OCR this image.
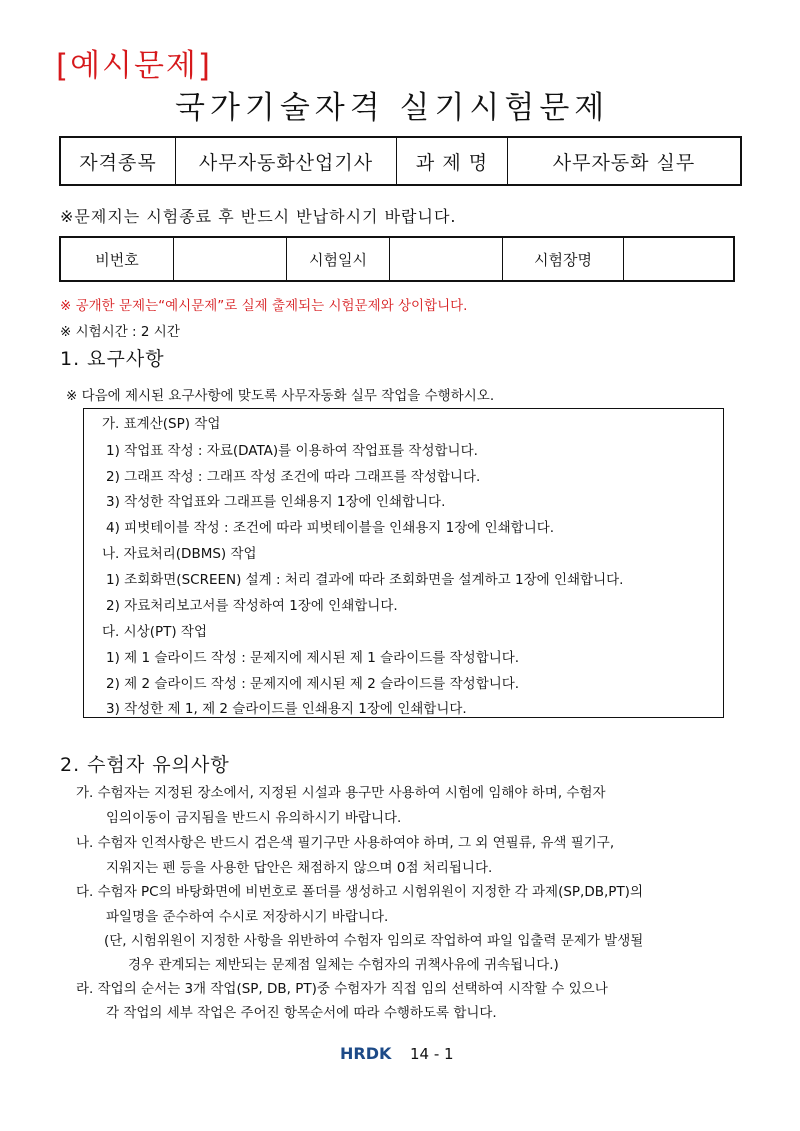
[예시문제]
국가기술자격 실기시험문제
자격종목	사무자동화산업기사	과 제 명	사무자동화 실무
※문제지는 시험종료 후 반드시 반납하시기 바랍니다.
비번호		시험일시		시험장명	
※ 공개한 문제는“예시문제”로 실제 출제되는 시험문제와 상이합니다.
※ 시험시간 : 2 시간
1. 요구사항
※ 다음에 제시된 요구사항에 맞도록 사무자동화 실무 작업을 수행하시오.
가. 표계산(SP) 작업
1) 작업표 작성 : 자료(DATA)를 이용하여 작업표를 작성합니다.
2) 그래프 작성 : 그래프 작성 조건에 따라 그래프를 작성합니다.
3) 작성한 작업표와 그래프를 인쇄용지 1장에 인쇄합니다.
4) 피벗테이블 작성 : 조건에 따라 피벗테이블을 인쇄용지 1장에 인쇄합니다.
나. 자료처리(DBMS) 작업
1) 조회화면(SCREEN) 설계 : 처리 결과에 따라 조회화면을 설계하고 1장에 인쇄합니다.
2) 자료처리보고서를 작성하여 1장에 인쇄합니다.
다. 시상(PT) 작업
1) 제 1 슬라이드 작성 : 문제지에 제시된 제 1 슬라이드를 작성합니다.
2) 제 2 슬라이드 작성 : 문제지에 제시된 제 2 슬라이드를 작성합니다.
3) 작성한 제 1, 제 2 슬라이드를 인쇄용지 1장에 인쇄합니다.
2. 수험자 유의사항
가. 수험자는 지정된 장소에서, 지정된 시설과 용구만 사용하여 시험에 임해야 하며, 수험자
임의이동이 금지됨을 반드시 유의하시기 바랍니다.
나. 수험자 인적사항은 반드시 검은색 필기구만 사용하여야 하며, 그 외 연필류, 유색 필기구,
지워지는 펜 등을 사용한 답안은 채점하지 않으며 0점 처리됩니다.
다. 수험자 PC의 바탕화면에 비번호로 폴더를 생성하고 시험위원이 지정한 각 과제(SP,DB,PT)의
파일명을 준수하여 수시로 저장하시기 바랍니다.
(단, 시험위원이 지정한 사항을 위반하여 수험자 임의로 작업하여 파일 입출력 문제가 발생될
경우 관계되는 제반되는 문제점 일체는 수험자의 귀책사유에 귀속됩니다.)
라. 작업의 순서는 3개 작업(SP, DB, PT)중 수험자가 직접 임의 선택하여 시작할 수 있으나
각 작업의 세부 작업은 주어진 항목순서에 따라 수행하도록 합니다.
HRDK 14 - 1
